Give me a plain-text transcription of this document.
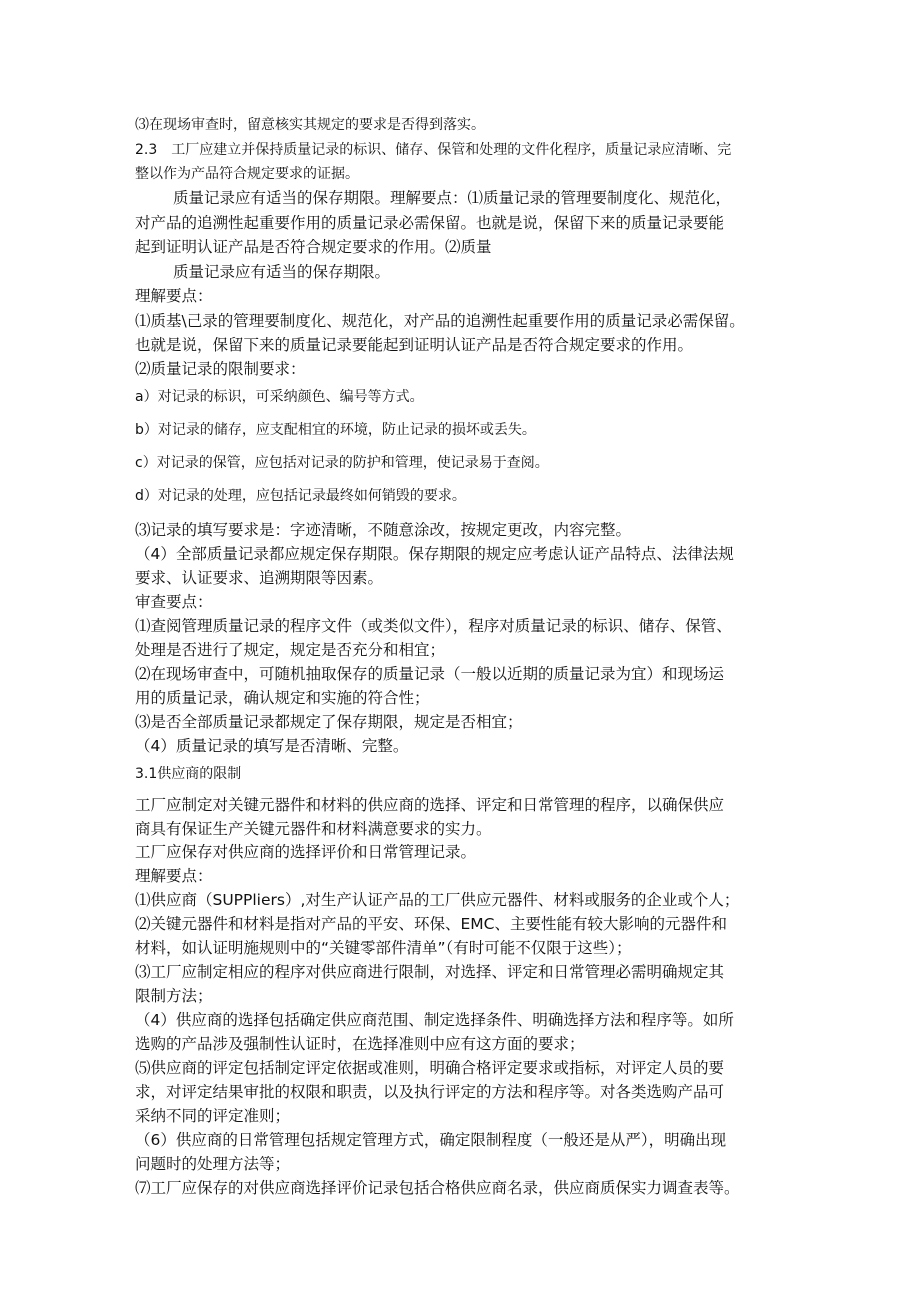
⑶在现场审查时，留意核实其规定的要求是否得到落实。
2.3　工厂应建立并保持质量记录的标识、储存、保管和处理的文件化程序，质量记录应清晰、完
整以作为产品符合规定要求的证据。
质量记录应有适当的保存期限。理解要点：⑴质量记录的管理要制度化、规范化，
对产品的追溯性起重要作用的质量记录必需保留。也就是说，保留下来的质量记录要能
起到证明认证产品是否符合规定要求的作用。⑵质量
质量记录应有适当的保存期限。
理解要点：
⑴质基\己录的管理要制度化、规范化，对产品的追溯性起重要作用的质量记录必需保留。
也就是说，保留下来的质量记录要能起到证明认证产品是否符合规定要求的作用。
⑵质量记录的限制要求：
a）对记录的标识，可采纳颜色、编号等方式。
b）对记录的储存，应支配相宜的环境，防止记录的损坏或丢失。
c）对记录的保管，应包括对记录的防护和管理，使记录易于查阅。
d）对记录的处理，应包括记录最终如何销毁的要求。
⑶记录的填写要求是：字迹清晰，不随意涂改，按规定更改，内容完整。
（4）全部质量记录都应规定保存期限。保存期限的规定应考虑认证产品特点、法律法规
要求、认证要求、追溯期限等因素。
审查要点：
⑴查阅管理质量记录的程序文件（或类似文件），程序对质量记录的标识、储存、保管、
处理是否进行了规定，规定是否充分和相宜；
⑵在现场审查中，可随机抽取保存的质量记录（一般以近期的质量记录为宜）和现场运
用的质量记录，确认规定和实施的符合性；
⑶是否全部质量记录都规定了保存期限，规定是否相宜；
（4）质量记录的填写是否清晰、完整。
3.1供应商的限制
工厂应制定对关键元器件和材料的供应商的选择、评定和日常管理的程序，以确保供应
商具有保证生产关键元器件和材料满意要求的实力。
工厂应保存对供应商的选择评价和日常管理记录。
理解要点：
⑴供应商（SUPPliers）,对生产认证产品的工厂供应元器件、材料或服务的企业或个人；
⑵关键元器件和材料是指对产品的平安、环保、EMC、主要性能有较大影响的元器件和
材料，如认证明施规则中的“关键零部件清单”（有时可能不仅限于这些）；
⑶工厂应制定相应的程序对供应商进行限制，对选择、评定和日常管理必需明确规定其
限制方法；
（4）供应商的选择包括确定供应商范围、制定选择条件、明确选择方法和程序等。如所
选购的产品涉及强制性认证时，在选择准则中应有这方面的要求；
⑸供应商的评定包括制定评定依据或准则，明确合格评定要求或指标，对评定人员的要
求，对评定结果审批的权限和职责，以及执行评定的方法和程序等。对各类选购产品可
采纳不同的评定准则；
（6）供应商的日常管理包括规定管理方式，确定限制程度（一般还是从严），明确出现
问题时的处理方法等；
⑺工厂应保存的对供应商选择评价记录包括合格供应商名录，供应商质保实力调查表等。
